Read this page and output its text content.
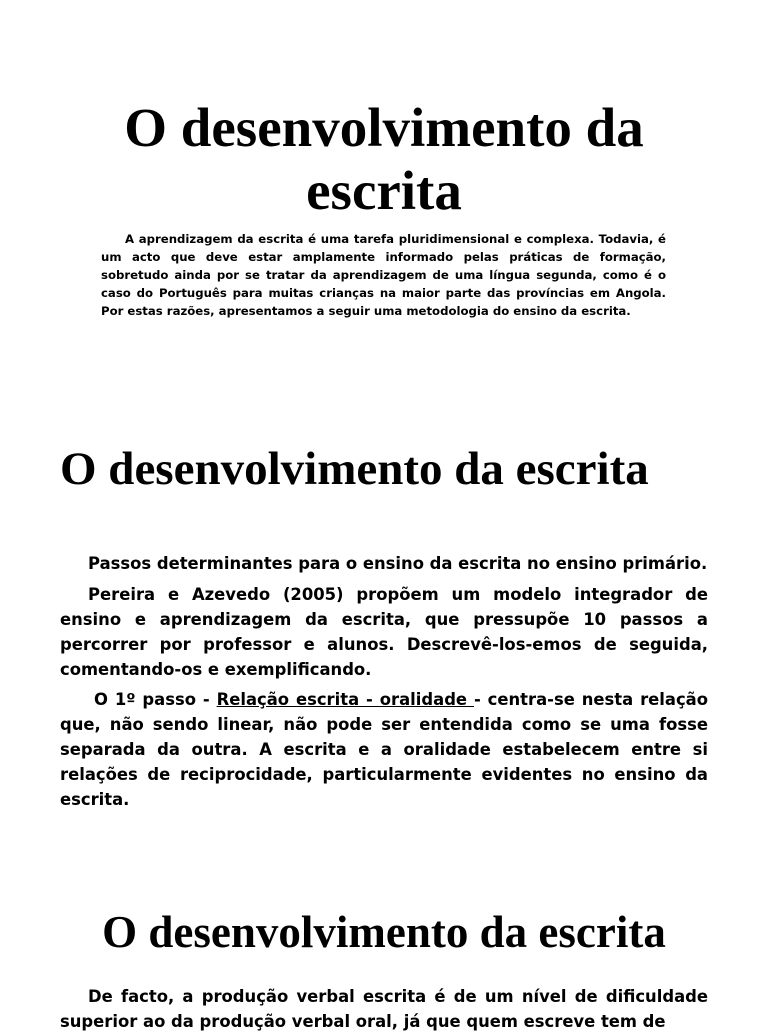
O desenvolvimento da escrita

A aprendizagem da escrita é uma tarefa pluridimensional e complexa. Todavia, é um acto que deve estar amplamente informado pelas práticas de formação, sobretudo ainda por se tratar da aprendizagem de uma língua segunda, como é o caso do Português para muitas crianças na maior parte das províncias em Angola. Por estas razões, apresentamos a seguir uma metodologia do ensino da escrita.

O desenvolvimento da escrita

Passos determinantes para o ensino da escrita no ensino primário.

Pereira e Azevedo (2005) propõem um modelo integrador de ensino e aprendizagem da escrita, que pressupõe 10 passos a percorrer por professor e alunos. Descrevê-los-emos de seguida, comentando-os e exemplificando.

O 1º passo - Relação escrita - oralidade - centra-se nesta relação que, não sendo linear, não pode ser entendida como se uma fosse separada da outra. A escrita e a oralidade estabelecem entre si relações de reciprocidade, particularmente evidentes no ensino da escrita.

O desenvolvimento da escrita

De facto, a produção verbal escrita é de um nível de dificuldade superior ao da produção verbal oral, já que quem escreve tem de
